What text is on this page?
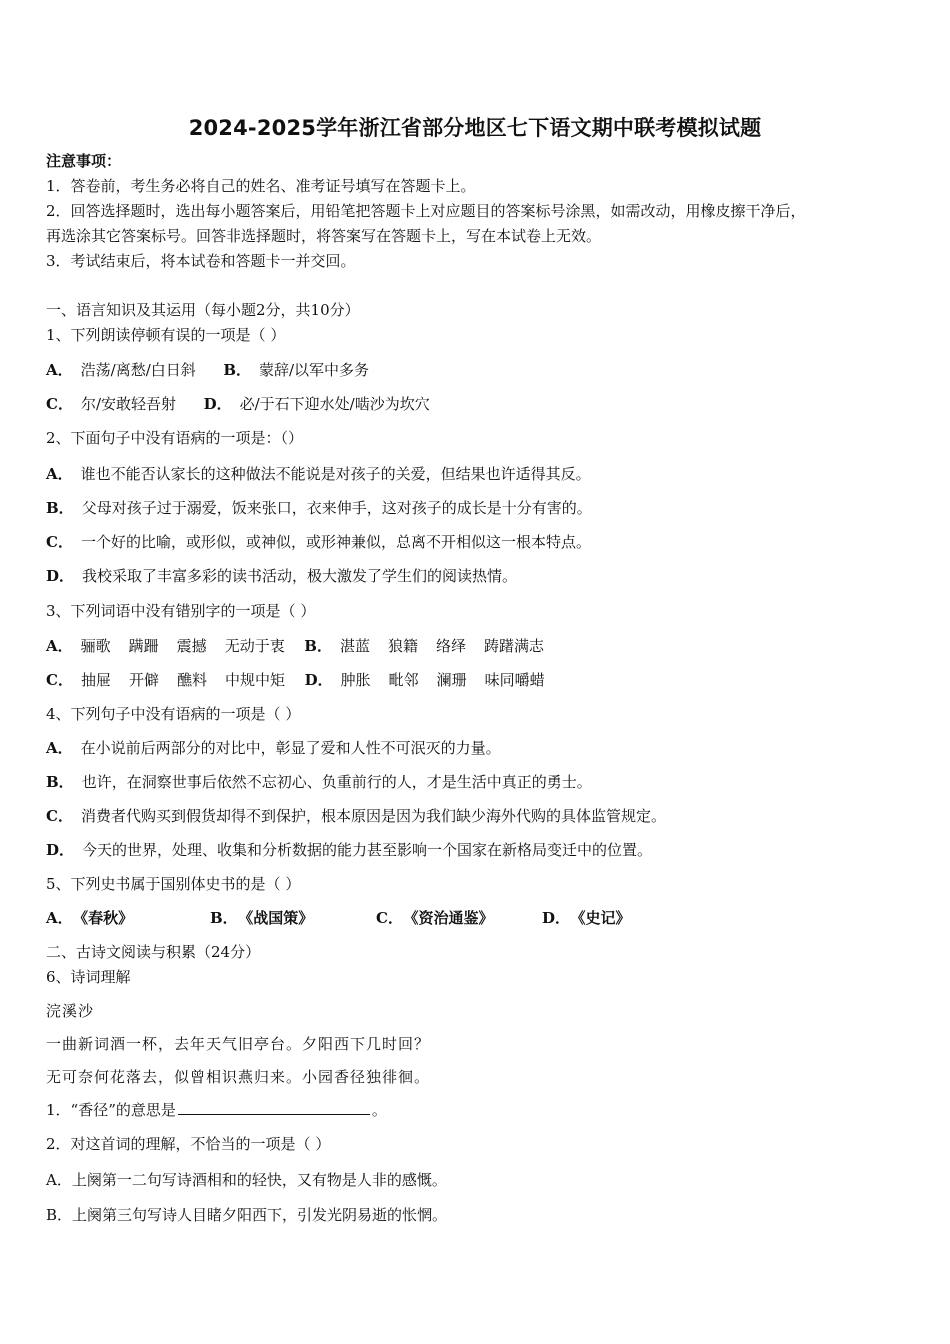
2024-2025学年浙江省部分地区七下语文期中联考模拟试题
注意事项：
1．答卷前，考生务必将自己的姓名、准考证号填写在答题卡上。
2．回答选择题时，选出每小题答案后，用铅笔把答题卡上对应题目的答案标号涂黑，如需改动，用橡皮擦干净后，
再选涂其它答案标号。回答非选择题时，将答案写在答题卡上，写在本试卷上无效。
3．考试结束后，将本试卷和答题卡一并交回。
一、语言知识及其运用（每小题2分，共10分）
1、下列朗读停顿有误的一项是（ ）
A． 浩荡/离愁/白日斜 B． 蒙辞/以军中多务
C． 尔/安敢轻吾射 D． 必/于石下迎水处/啮沙为坎穴
2、下面句子中没有语病的一项是：（）
A． 谁也不能否认家长的这种做法不能说是对孩子的关爱，但结果也许适得其反。
B． 父母对孩子过于溺爱，饭来张口，衣来伸手，这对孩子的成长是十分有害的。
C． 一个好的比喻，或形似，或神似，或形神兼似，总离不开相似这一根本特点。
D． 我校采取了丰富多彩的读书活动，极大激发了学生们的阅读热情。
3、下列词语中没有错别字的一项是（ ）
A． 骊歌 蹒跚 震撼 无动于衷 B． 湛蓝 狼籍 络绎 踌躇满志
C． 抽屉 开僻 醮料 中规中矩 D． 肿胀 毗邻 澜珊 味同嚼蜡
4、下列句子中没有语病的一项是（ ）
A． 在小说前后两部分的对比中，彰显了爱和人性不可泯灭的力量。
B． 也许，在洞察世事后依然不忘初心、负重前行的人，才是生活中真正的勇士。
C． 消费者代购买到假货却得不到保护，根本原因是因为我们缺少海外代购的具体监管规定。
D． 今天的世界，处理、收集和分析数据的能力甚至影响一个国家在新格局变迁中的位置。
5、下列史书属于国别体史书的是（ ）
A． 《春秋》	B． 《战国策》	C． 《资治通鉴》	D． 《史记》
二、古诗文阅读与积累（24分）
6、诗词理解
浣溪沙
一曲新词酒一杯，去年天气旧亭台。夕阳西下几时回？
无可奈何花落去，似曾相识燕归来。小园香径独徘徊。
1．“香径”的意思是	。
2．对这首词的理解，不恰当的一项是（ ）
A．上阕第一二句写诗酒相和的轻快，又有物是人非的感慨。
B．上阕第三句写诗人目睹夕阳西下，引发光阴易逝的怅惘。
